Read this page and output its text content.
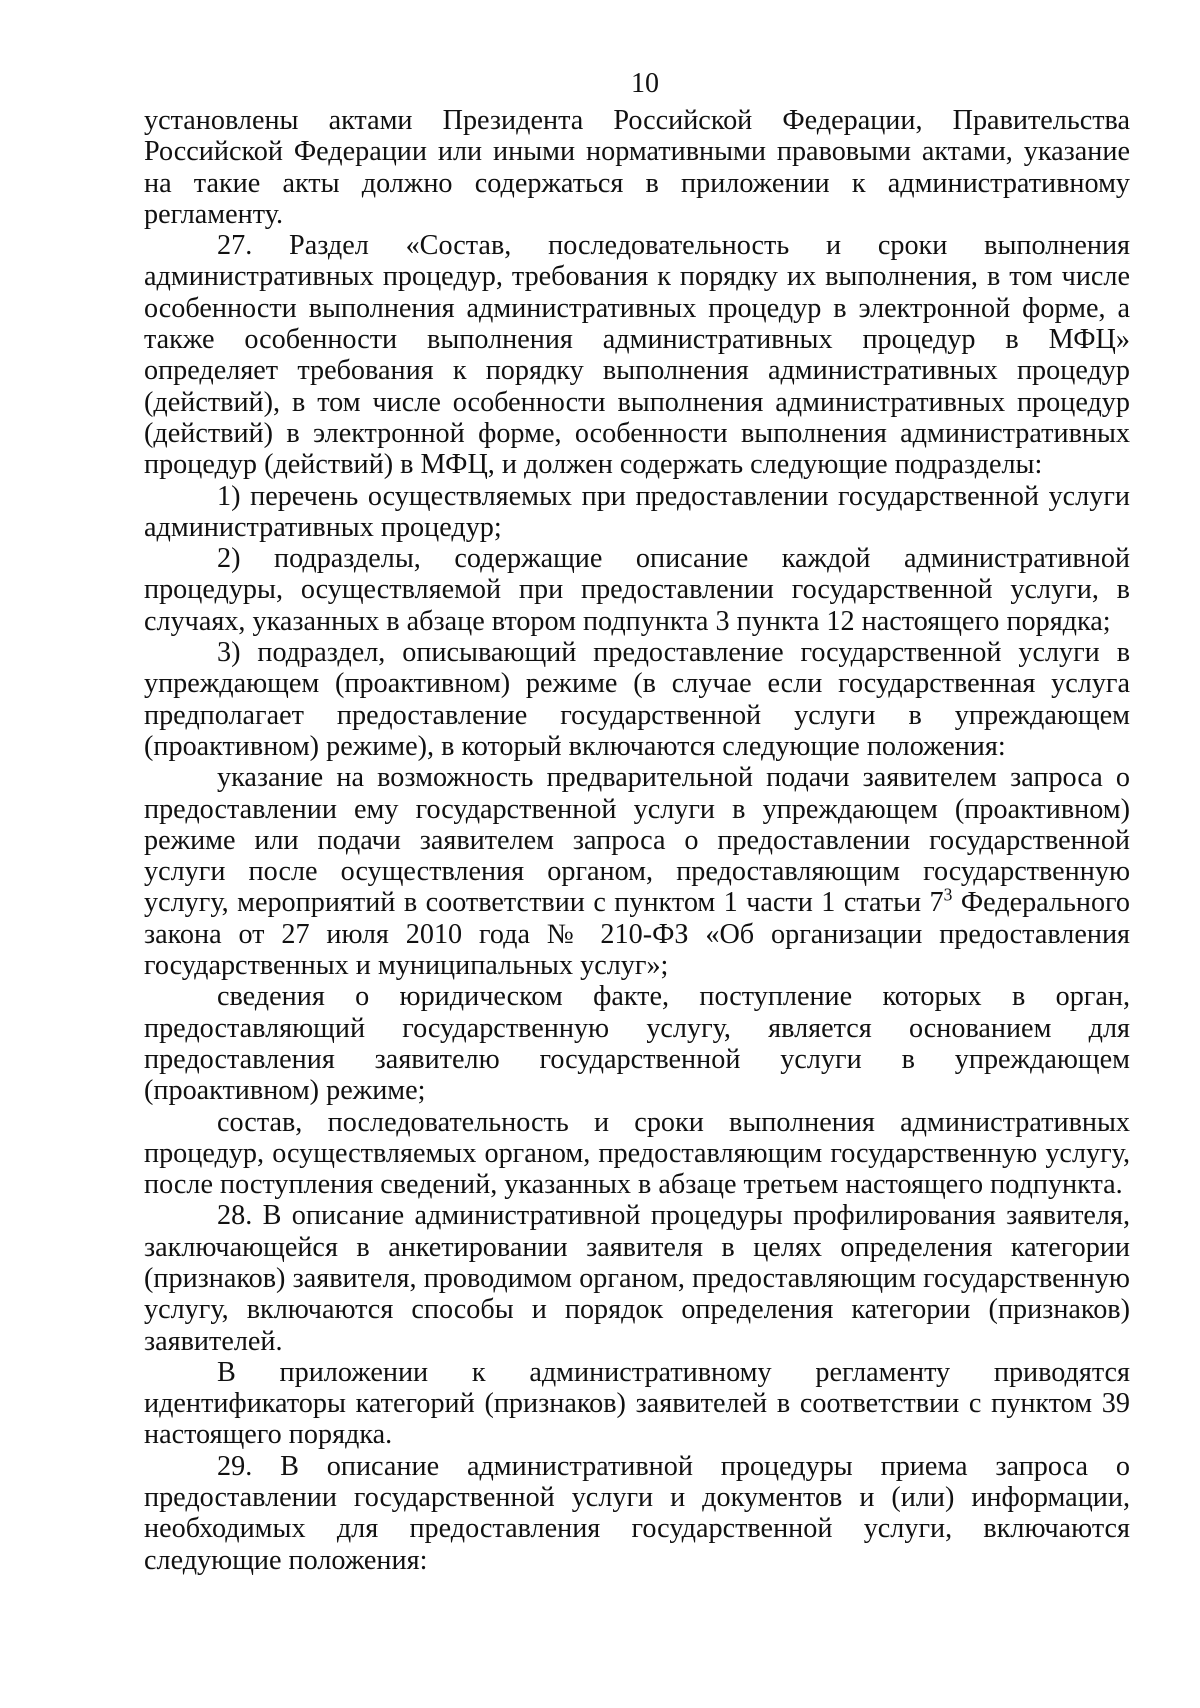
10

установлены актами Президента Российской Федерации, Правительства Российской Федерации или иными нормативными правовыми актами, указание на такие акты должно содержаться в приложении к административному регламенту.

27. Раздел «Состав, последовательность и сроки выполнения административных процедур, требования к порядку их выполнения, в том числе особенности выполнения административных процедур в электронной форме, а также особенности выполнения административных процедур в МФЦ» определяет требования к порядку выполнения административных процедур (действий), в том числе особенности выполнения административных процедур (действий) в электронной форме, особенности выполнения административных процедур (действий) в МФЦ, и должен содержать следующие подразделы:

1) перечень осуществляемых при предоставлении государственной услуги административных процедур;

2) подразделы, содержащие описание каждой административной процедуры, осуществляемой при предоставлении государственной услуги, в случаях, указанных в абзаце втором подпункта 3 пункта 12 настоящего порядка;

3) подраздел, описывающий предоставление государственной услуги в упреждающем (проактивном) режиме (в случае если государственная услуга предполагает предоставление государственной услуги в упреждающем (проактивном) режиме), в который включаются следующие положения:

указание на возможность предварительной подачи заявителем запроса о предоставлении ему государственной услуги в упреждающем (проактивном) режиме или подачи заявителем запроса о предоставлении государственной услуги после осуществления органом, предоставляющим государственную услугу, мероприятий в соответствии с пунктом 1 части 1 статьи $7^3$ Федерального закона от 27 июля 2010 года № 210-ФЗ «Об организации предоставления государственных и муниципальных услуг»;

сведения о юридическом факте, поступление которых в орган, предоставляющий государственную услугу, является основанием для предоставления заявителю государственной услуги в упреждающем (проактивном) режиме;

состав, последовательность и сроки выполнения административных процедур, осуществляемых органом, предоставляющим государственную услугу, после поступления сведений, указанных в абзаце третьем настоящего подпункта.

28. В описание административной процедуры профилирования заявителя, заключающейся в анкетировании заявителя в целях определения категории (признаков) заявителя, проводимом органом, предоставляющим государственную услугу, включаются способы и порядок определения категории (признаков) заявителей.

В приложении к административному регламенту приводятся идентификаторы категорий (признаков) заявителей в соответствии с пунктом 39 настоящего порядка.

29. В описание административной процедуры приема запроса о предоставлении государственной услуги и документов и (или) информации, необходимых для предоставления государственной услуги, включаются следующие положения:
